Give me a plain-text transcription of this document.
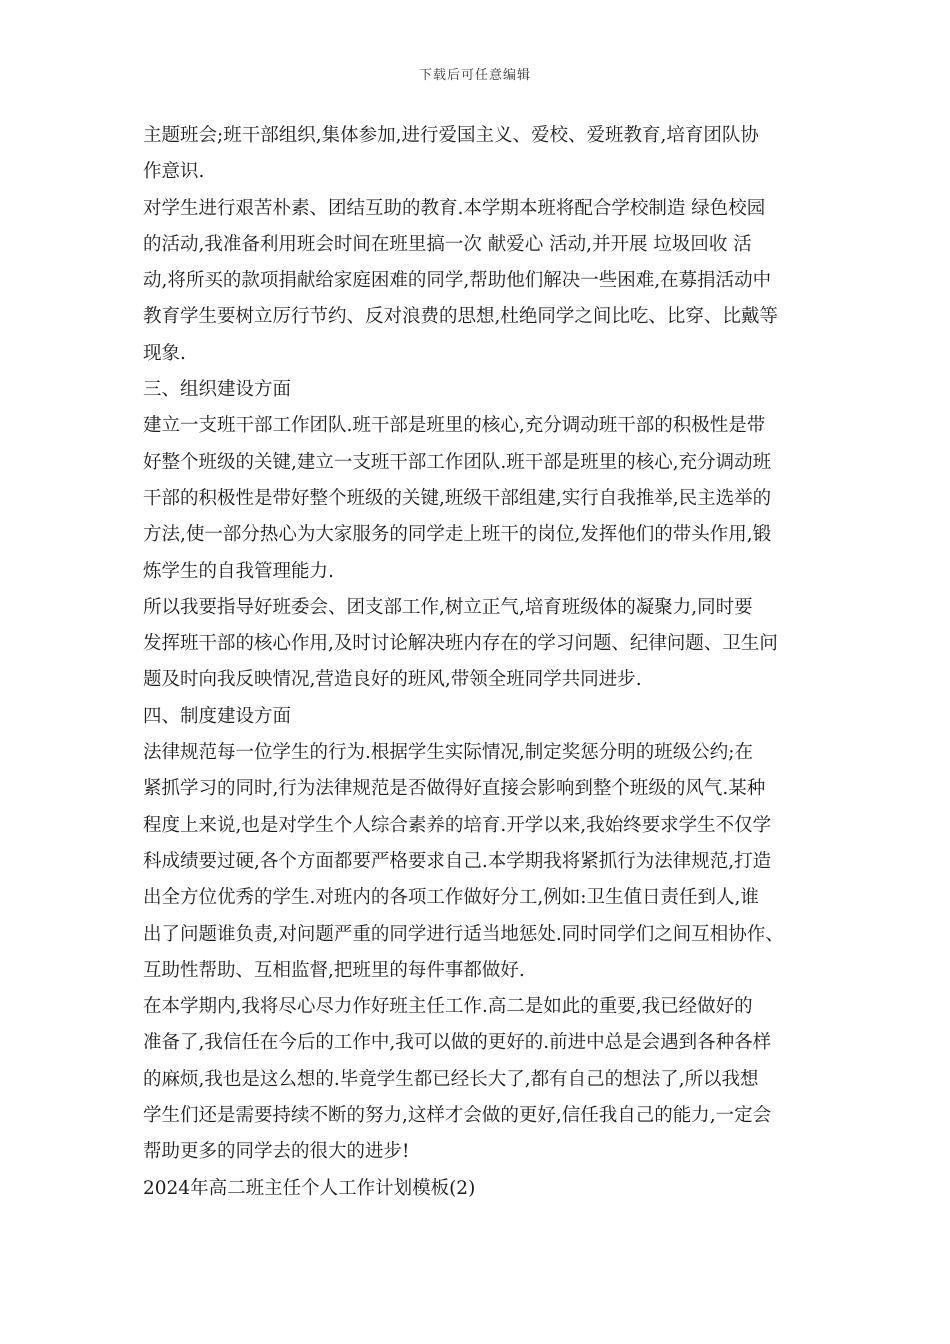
下载后可任意编辑
主题班会;班干部组织,集体参加,进行爱国主义、爱校、爱班教育,培育团队协
作意识.
对学生进行艰苦朴素、团结互助的教育.本学期本班将配合学校制造 绿色校园
的活动,我准备利用班会时间在班里搞一次 献爱心 活动,并开展 垃圾回收 活
动,将所买的款项捐献给家庭困难的同学,帮助他们解决一些困难,在募捐活动中
教育学生要树立厉行节约、反对浪费的思想,杜绝同学之间比吃、比穿、比戴等
现象.
三、组织建设方面
建立一支班干部工作团队.班干部是班里的核心,充分调动班干部的积极性是带
好整个班级的关键,建立一支班干部工作团队.班干部是班里的核心,充分调动班
干部的积极性是带好整个班级的关键,班级干部组建,实行自我推举,民主选举的
方法,使一部分热心为大家服务的同学走上班干的岗位,发挥他们的带头作用,锻
炼学生的自我管理能力.
所以我要指导好班委会、团支部工作,树立正气,培育班级体的凝聚力,同时要
发挥班干部的核心作用,及时讨论解决班内存在的学习问题、纪律问题、卫生问
题及时向我反映情况,营造良好的班风,带领全班同学共同进步.
四、制度建设方面
法律规范每一位学生的行为.根据学生实际情况,制定奖惩分明的班级公约;在
紧抓学习的同时,行为法律规范是否做得好直接会影响到整个班级的风气.某种
程度上来说,也是对学生个人综合素养的培育.开学以来,我始终要求学生不仅学
科成绩要过硬,各个方面都要严格要求自己.本学期我将紧抓行为法律规范,打造
出全方位优秀的学生.对班内的各项工作做好分工,例如:卫生值日责任到人,谁
出了问题谁负责,对问题严重的同学进行适当地惩处.同时同学们之间互相协作、
互助性帮助、互相监督,把班里的每件事都做好.
在本学期内,我将尽心尽力作好班主任工作.高二是如此的重要,我已经做好的
准备了,我信任在今后的工作中,我可以做的更好的.前进中总是会遇到各种各样
的麻烦,我也是这么想的.毕竟学生都已经长大了,都有自己的想法了,所以我想
学生们还是需要持续不断的努力,这样才会做的更好,信任我自己的能力,一定会
帮助更多的同学去的很大的进步!
2024年高二班主任个人工作计划模板(2)
